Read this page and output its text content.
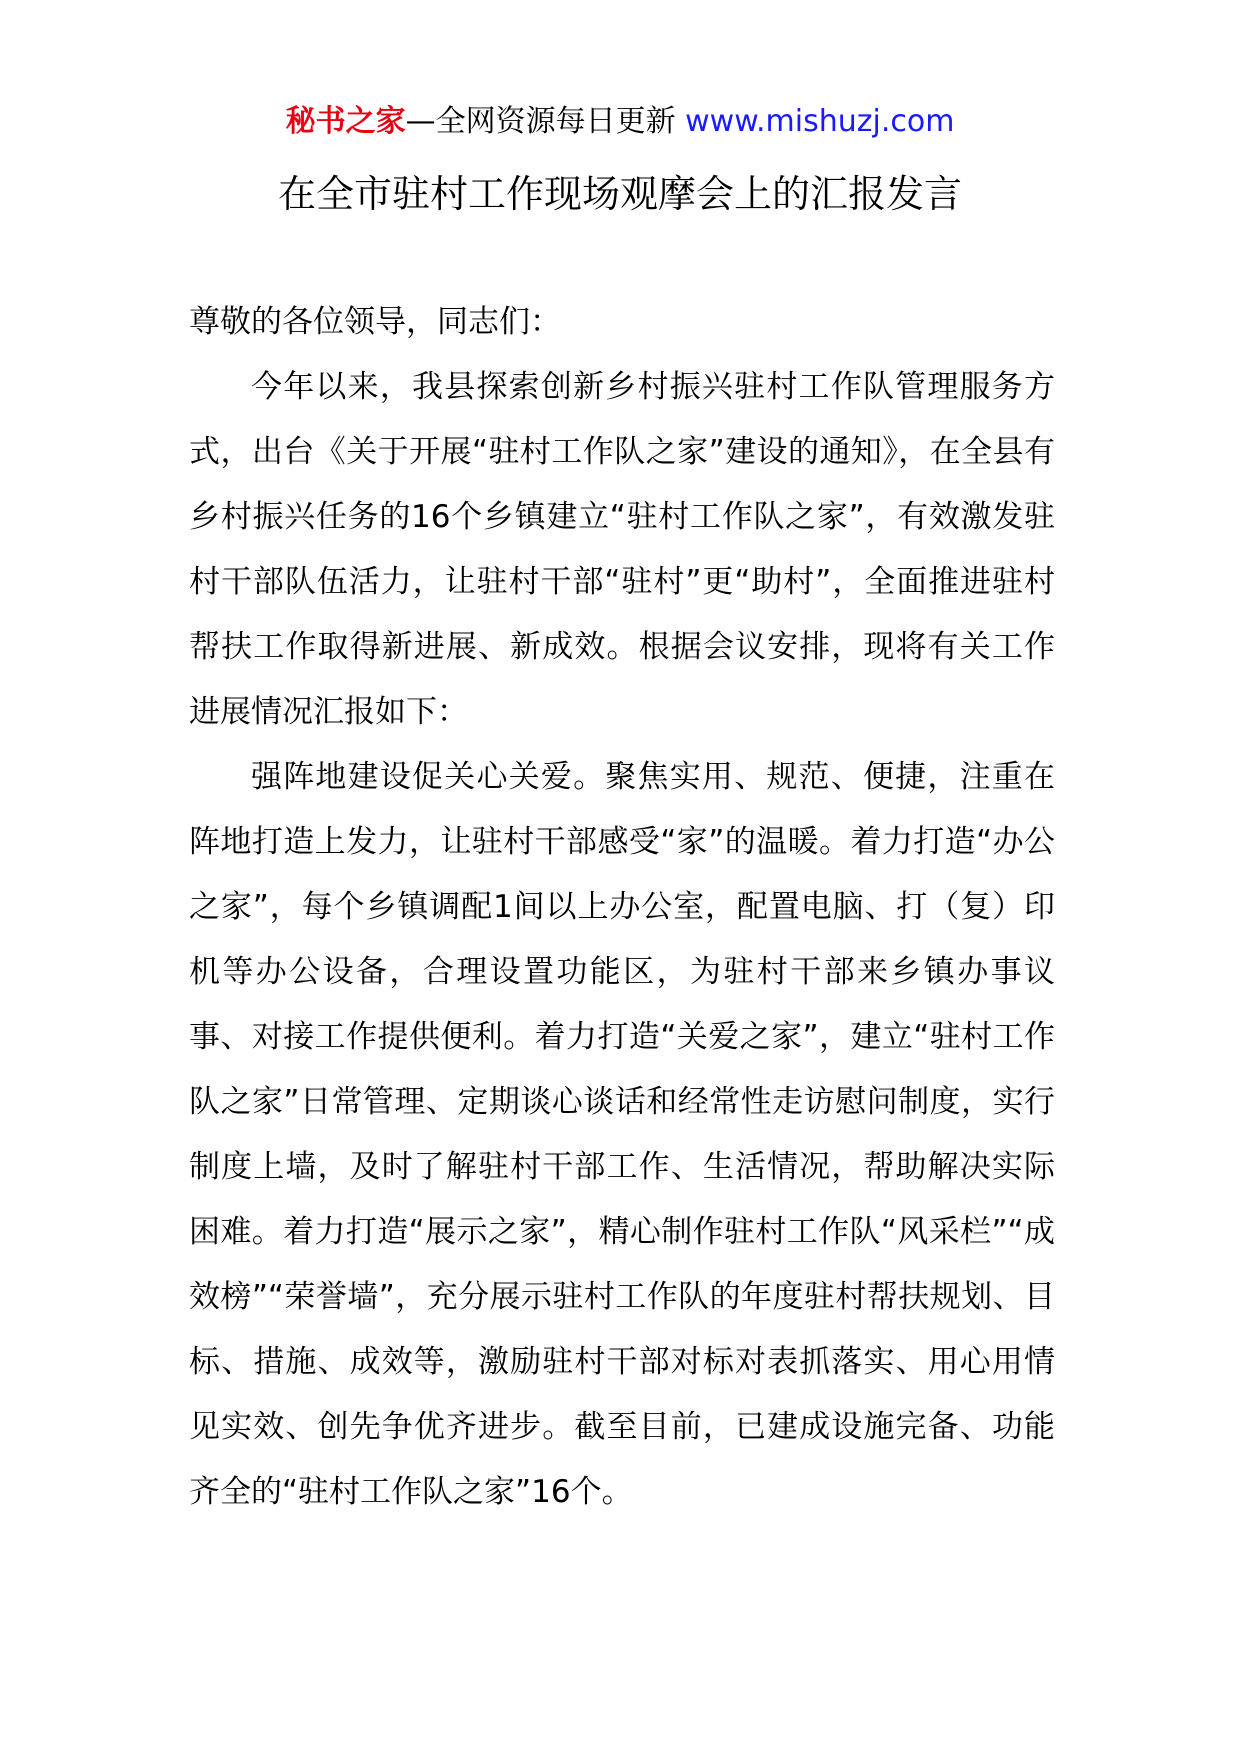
秘书之家—全网资源每日更新 www.mishuzj.com
在全市驻村工作现场观摩会上的汇报发言

尊敬的各位领导，同志们：

今年以来，我县探索创新乡村振兴驻村工作队管理服务方式，出台《关于开展“驻村工作队之家”建设的通知》，在全县有乡村振兴任务的16个乡镇建立“驻村工作队之家”，有效激发驻村干部队伍活力，让驻村干部“驻村”更“助村”，全面推进驻村帮扶工作取得新进展、新成效。根据会议安排，现将有关工作进展情况汇报如下：

强阵地建设促关心关爱。聚焦实用、规范、便捷，注重在阵地打造上发力，让驻村干部感受“家”的温暖。着力打造“办公之家”，每个乡镇调配1间以上办公室，配置电脑、打（复）印机等办公设备，合理设置功能区，为驻村干部来乡镇办事议事、对接工作提供便利。着力打造“关爱之家”，建立“驻村工作队之家”日常管理、定期谈心谈话和经常性走访慰问制度，实行制度上墙，及时了解驻村干部工作、生活情况，帮助解决实际困难。着力打造“展示之家”，精心制作驻村工作队“风采栏”“成效榜”“荣誉墙”，充分展示驻村工作队的年度驻村帮扶规划、目标、措施、成效等，激励驻村干部对标对表抓落实、用心用情见实效、创先争优齐进步。截至目前，已建成设施完备、功能齐全的“驻村工作队之家”16个。
